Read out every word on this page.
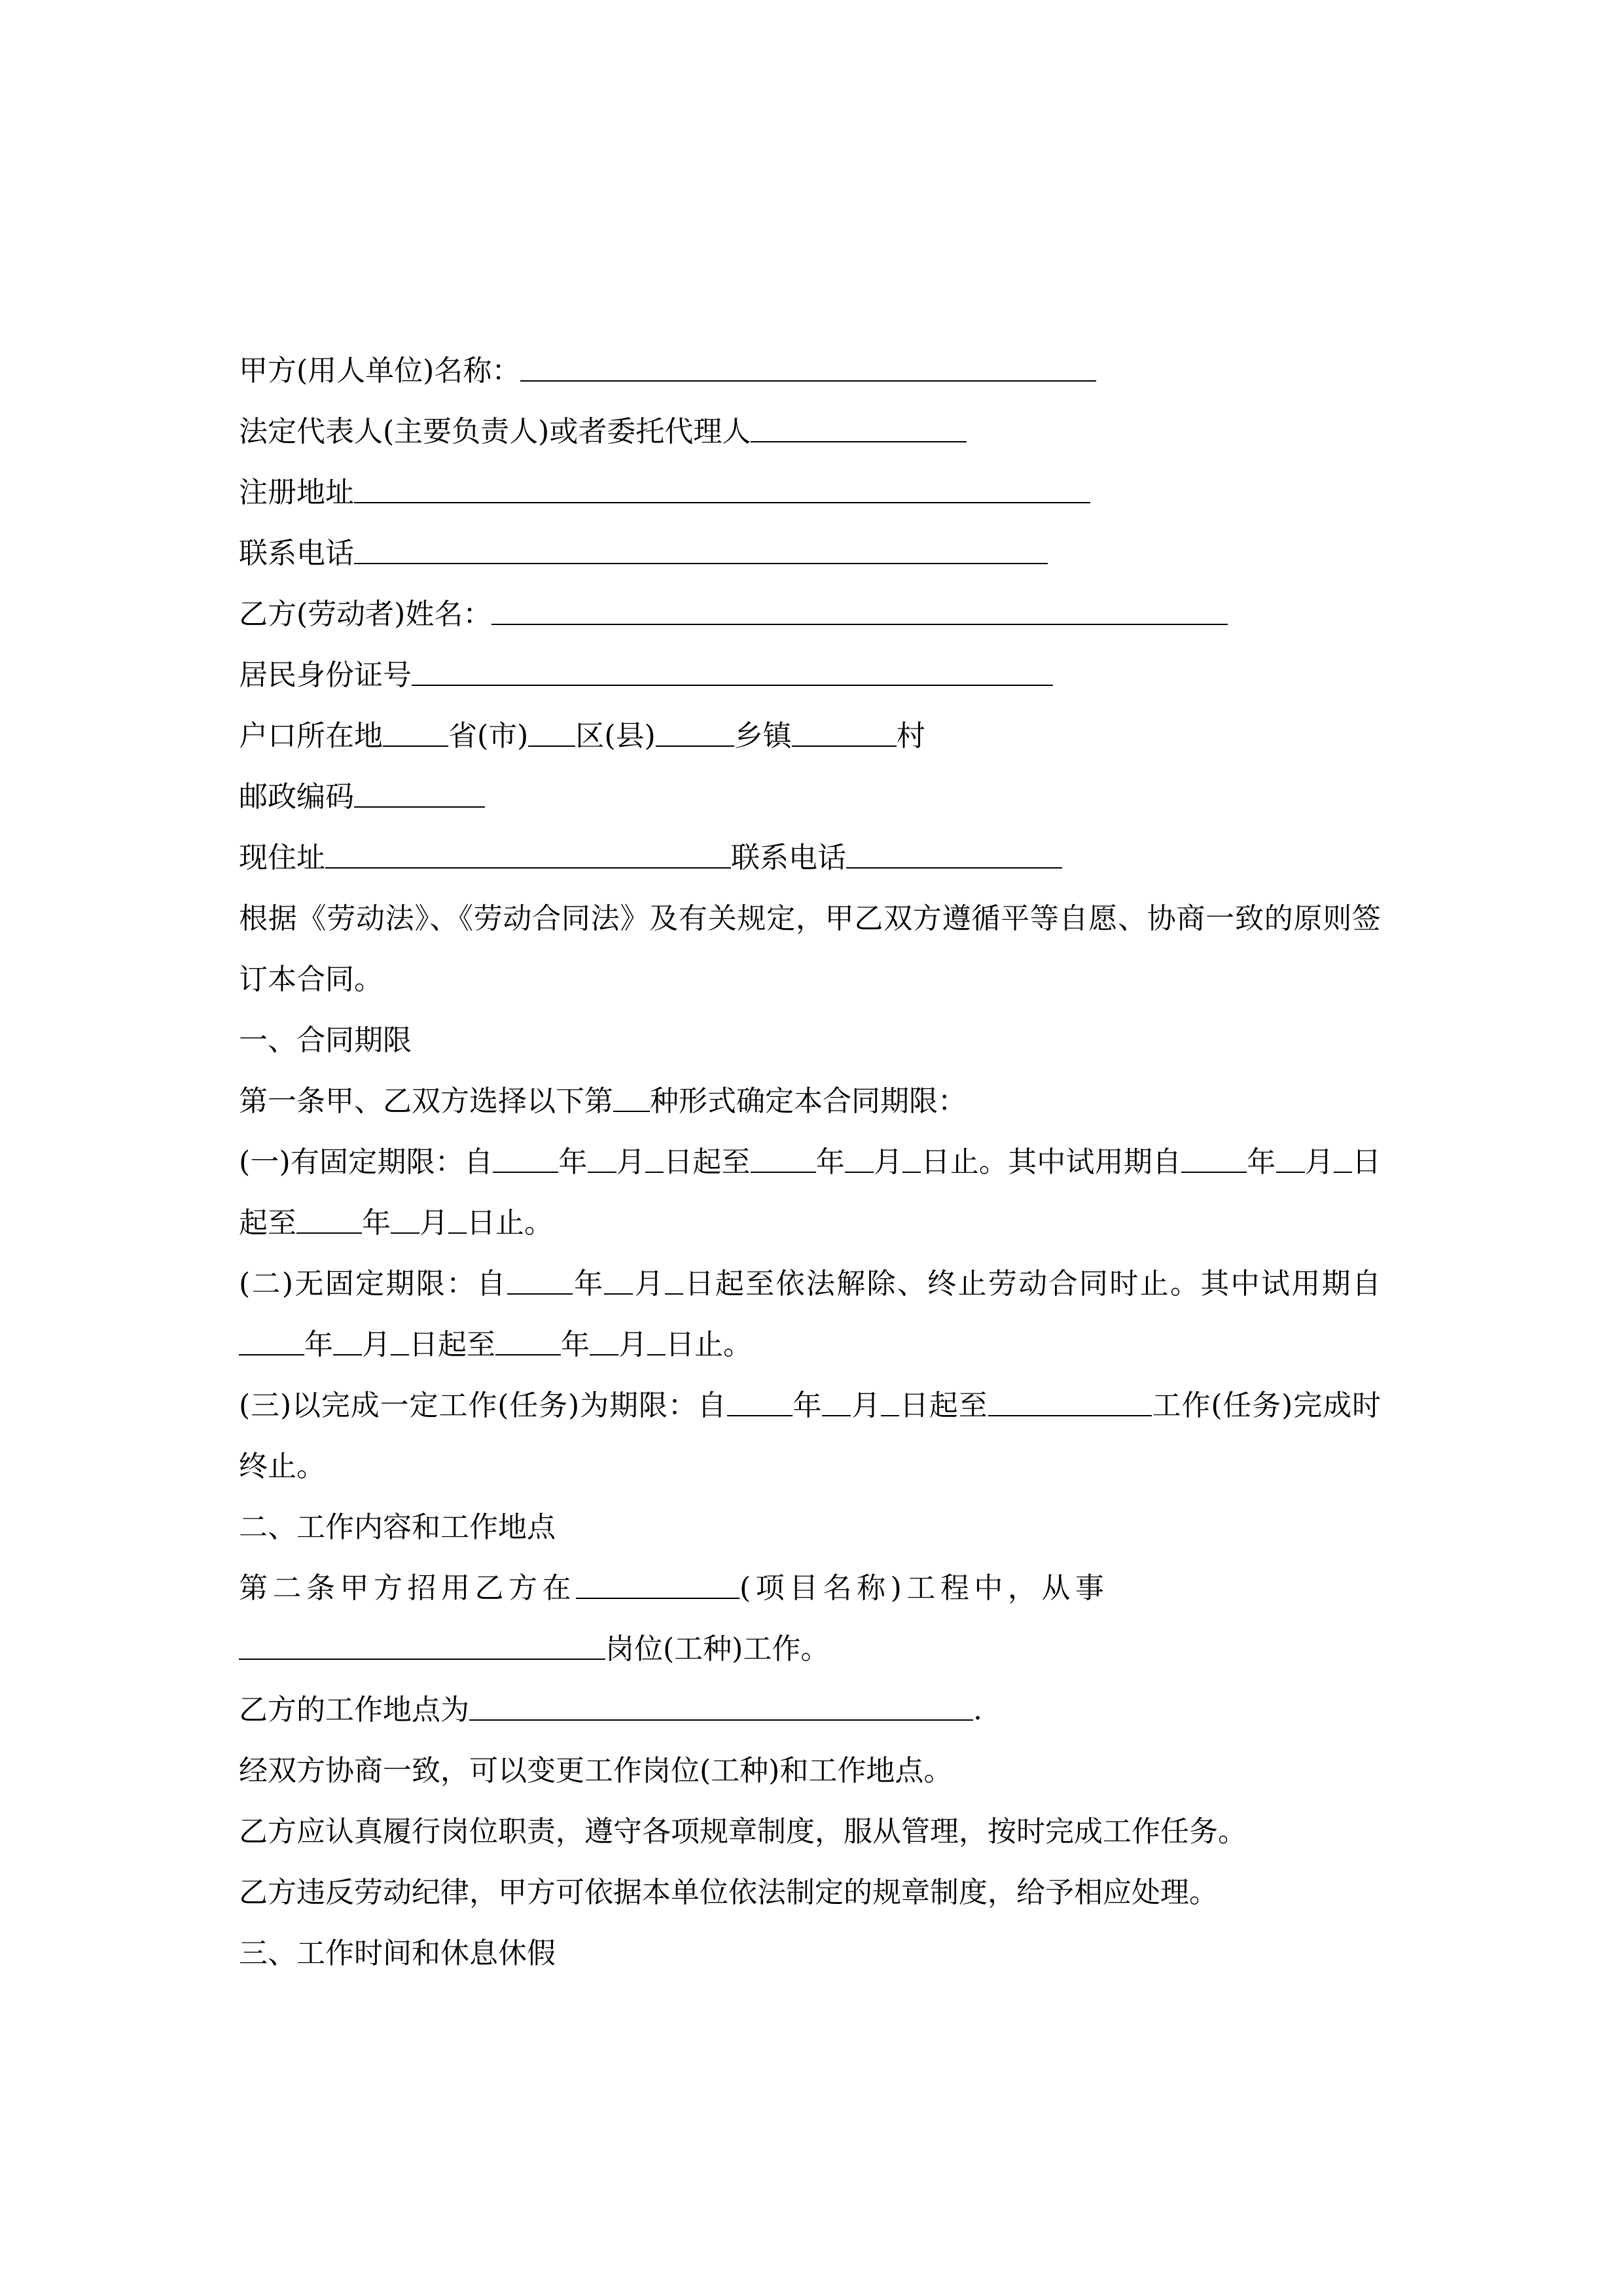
甲方(用人单位)名称：
法定代表人(主要负责人)或者委托代理人
注册地址
联系电话
乙方(劳动者)姓名：
居民身份证号
户口所在地 省(市) 区(县)	乡镇	村
邮政编码
现住址	联系电话
根据《劳动法》、《劳动合同法》及有关规定，甲乙双方遵循平等自愿、协商一致的原则签订本合同。
一、合同期限
第一条甲、乙双方选择以下第 种形式确定本合同期限：
(一)有固定期限：自 年 月 日起至 年 月 日止。其中试用期自 年 月 日起至 年 月 日止。
(二)无固定期限：自 年 月 日起至依法解除、终止劳动合同时止。其中试用期自年 月 日起至 年 月 日止。
(三)以完成一定工作(任务)为期限：自 年 月 日起至	工作(任务)完成时终止。
二、工作内容和工作地点
第二条甲方招用乙方在	(项目名称)工程中，从事
岗位(工种)工作。
乙方的工作地点为	.
经双方协商一致，可以变更工作岗位(工种)和工作地点。
乙方应认真履行岗位职责，遵守各项规章制度，服从管理，按时完成工作任务。
乙方违反劳动纪律，甲方可依据本单位依法制定的规章制度，给予相应处理。
三、工作时间和休息休假
